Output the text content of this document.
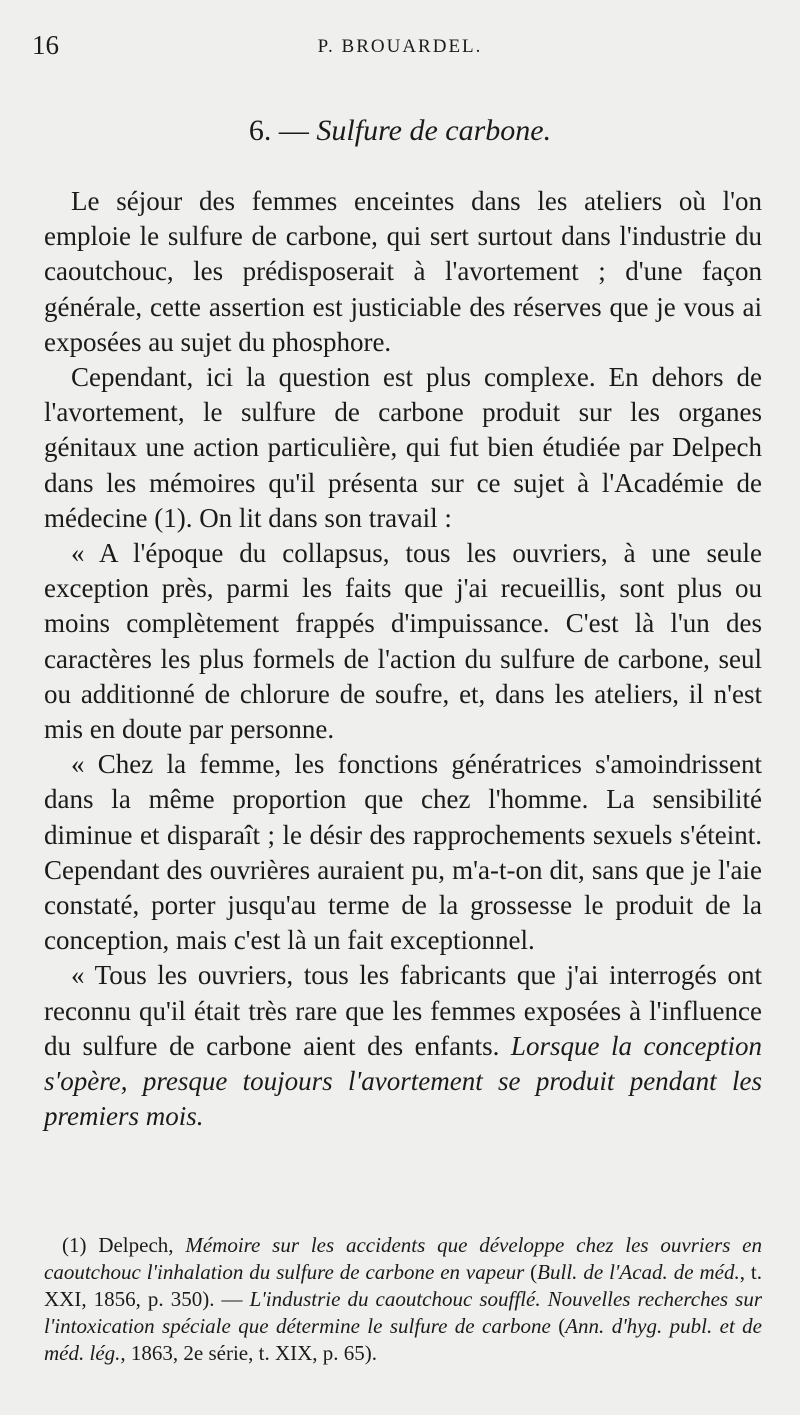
16	P. BROUARDEL.
6. — Sulfure de carbone.

Le séjour des femmes enceintes dans les ateliers où l'on emploie le sulfure de carbone, qui sert surtout dans l'industrie du caoutchouc, les prédisposerait à l'avortement ; d'une façon générale, cette assertion est justiciable des réserves que je vous ai exposées au sujet du phosphore.

Cependant, ici la question est plus complexe. En dehors de l'avortement, le sulfure de carbone produit sur les organes génitaux une action particulière, qui fut bien étudiée par Delpech dans les mémoires qu'il présenta sur ce sujet à l'Académie de médecine (1). On lit dans son travail :

« A l'époque du collapsus, tous les ouvriers, à une seule exception près, parmi les faits que j'ai recueillis, sont plus ou moins complètement frappés d'impuissance. C'est là l'un des caractères les plus formels de l'action du sulfure de carbone, seul ou additionné de chlorure de soufre, et, dans les ateliers, il n'est mis en doute par personne.

« Chez la femme, les fonctions génératrices s'amoindrissent dans la même proportion que chez l'homme. La sensibilité diminue et disparaît ; le désir des rapprochements sexuels s'éteint. Cependant des ouvrières auraient pu, m'a-t-on dit, sans que je l'aie constaté, porter jusqu'au terme de la grossesse le produit de la conception, mais c'est là un fait exceptionnel.

« Tous les ouvriers, tous les fabricants que j'ai interrogés ont reconnu qu'il était très rare que les femmes exposées à l'influence du sulfure de carbone aient des enfants. Lorsque la conception s'opère, presque toujours l'avortement se produit pendant les premiers mois.

(1) Delpech, Mémoire sur les accidents que développe chez les ouvriers en caoutchouc l'inhalation du sulfure de carbone en vapeur (Bull. de l'Acad. de méd., t. XXI, 1856, p. 350). — L'industrie du caoutchouc soufflé. Nouvelles recherches sur l'intoxication spéciale que détermine le sulfure de carbone (Ann. d'hyg. publ. et de méd. lég., 1863, 2e série, t. XIX, p. 65).
